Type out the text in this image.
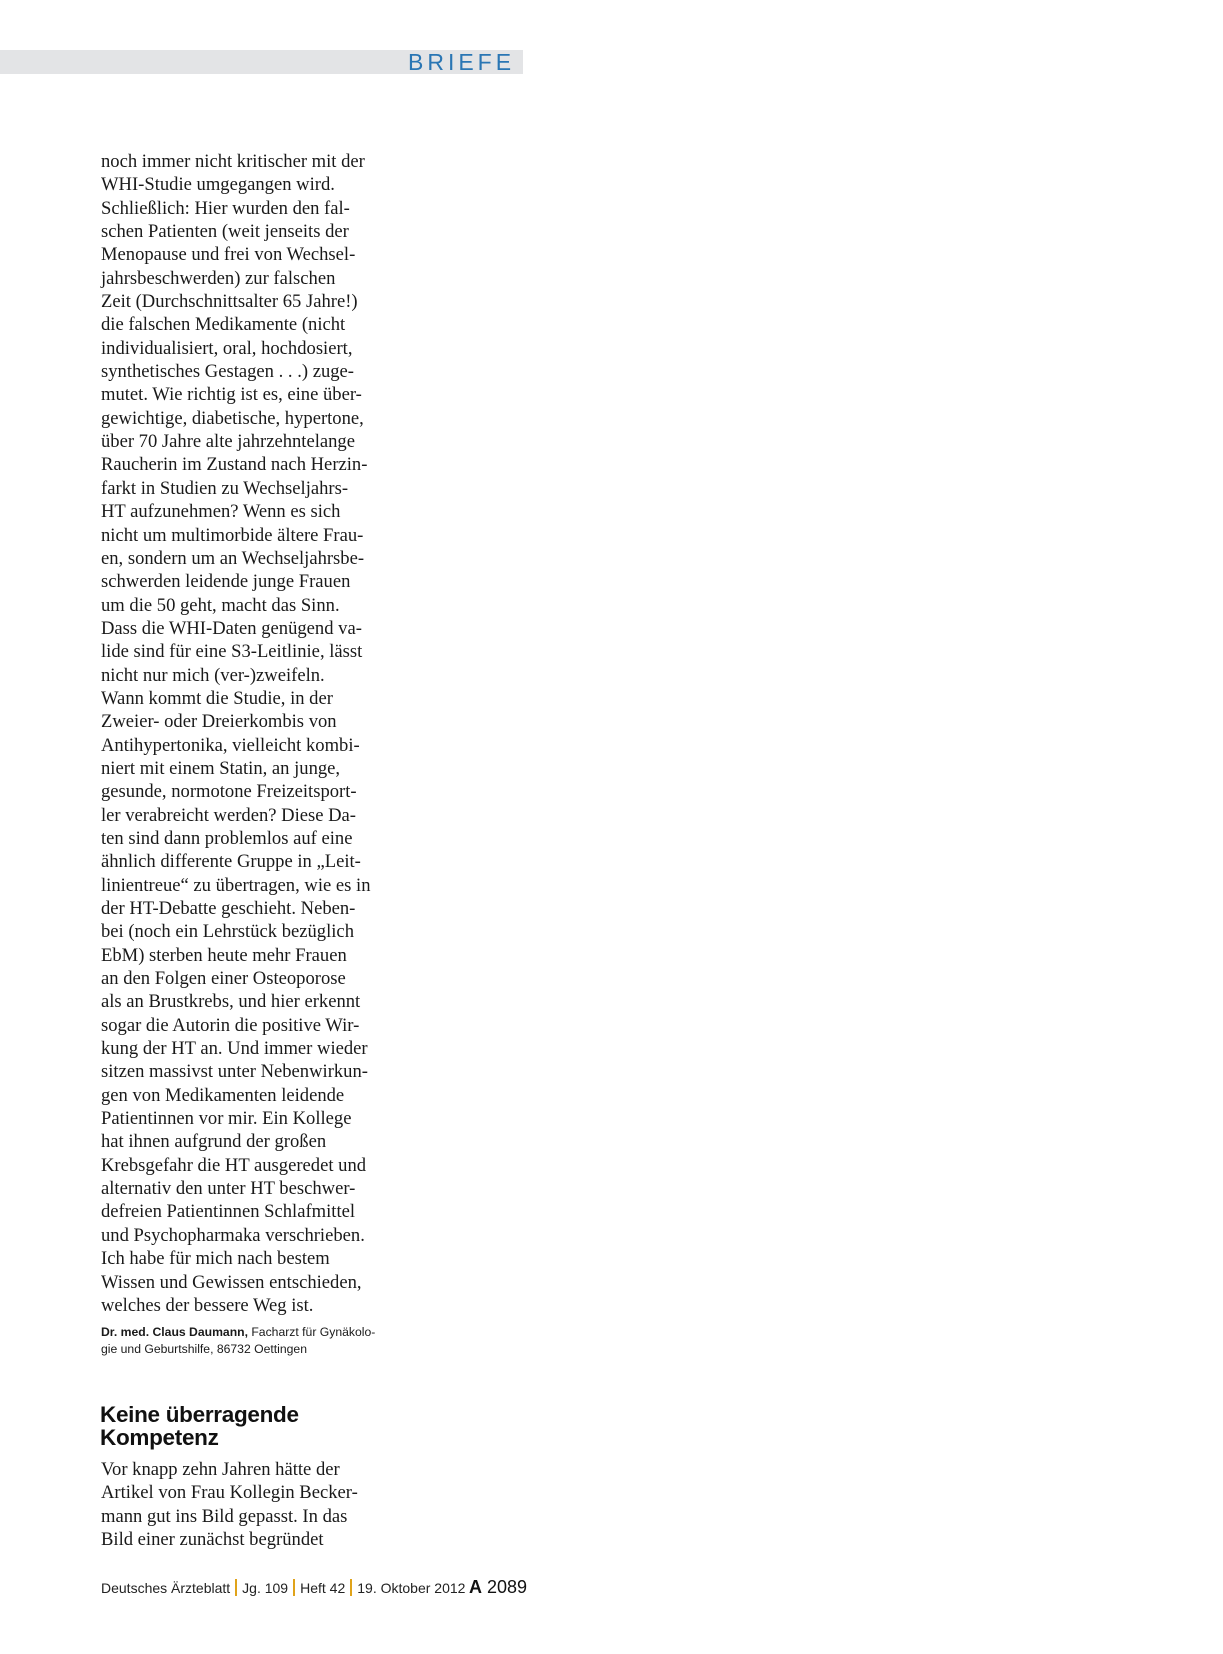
BRIEFE
noch immer nicht kritischer mit der
WHI-Studie umgegangen wird.
Schließlich: Hier wurden den fal-
schen Patienten (weit jenseits der
Menopause und frei von Wechsel-
jahrsbeschwerden) zur falschen
Zeit (Durchschnittsalter 65 Jahre!)
die falschen Medikamente (nicht
individualisiert, oral, hochdosiert,
synthetisches Gestagen . . .) zuge-
mutet. Wie richtig ist es, eine über-
gewichtige, diabetische, hypertone,
über 70 Jahre alte jahrzehntelange
Raucherin im Zustand nach Herzin-
farkt in Studien zu Wechseljahrs-
HT aufzunehmen? Wenn es sich
nicht um multimorbide ältere Frau-
en, sondern um an Wechseljahrsbe-
schwerden leidende junge Frauen
um die 50 geht, macht das Sinn.
Dass die WHI-Daten genügend va-
lide sind für eine S3-Leitlinie, lässt
nicht nur mich (ver-)zweifeln.
Wann kommt die Studie, in der
Zweier- oder Dreierkombis von
Antihypertonika, vielleicht kombi-
niert mit einem Statin, an junge,
gesunde, normotone Freizeitsport-
ler verabreicht werden? Diese Da-
ten sind dann problemlos auf eine
ähnlich differente Gruppe in „Leit-
linientreue“ zu übertragen, wie es in
der HT-Debatte geschieht. Neben-
bei (noch ein Lehrstück bezüglich
EbM) sterben heute mehr Frauen
an den Folgen einer Osteoporose
als an Brustkrebs, und hier erkennt
sogar die Autorin die positive Wir-
kung der HT an. Und immer wieder
sitzen massivst unter Nebenwirkun-
gen von Medikamenten leidende
Patientinnen vor mir. Ein Kollege
hat ihnen aufgrund der großen
Krebsgefahr die HT ausgeredet und
alternativ den unter HT beschwer-
defreien Patientinnen Schlafmittel
und Psychopharmaka verschrieben.
Ich habe für mich nach bestem
Wissen und Gewissen entschieden,
welches der bessere Weg ist.
Dr. med. Claus Daumann, Facharzt für Gynäkolo-
gie und Geburtshilfe, 86732 Oettingen
Keine überragende
Kompetenz
Vor knapp zehn Jahren hätte der
Artikel von Frau Kollegin Becker-
mann gut ins Bild gepasst. In das
Bild einer zunächst begründet
Deutsches Ärzteblatt Jg. 109 Heft 42 19. Oktober 2012 A 2089
